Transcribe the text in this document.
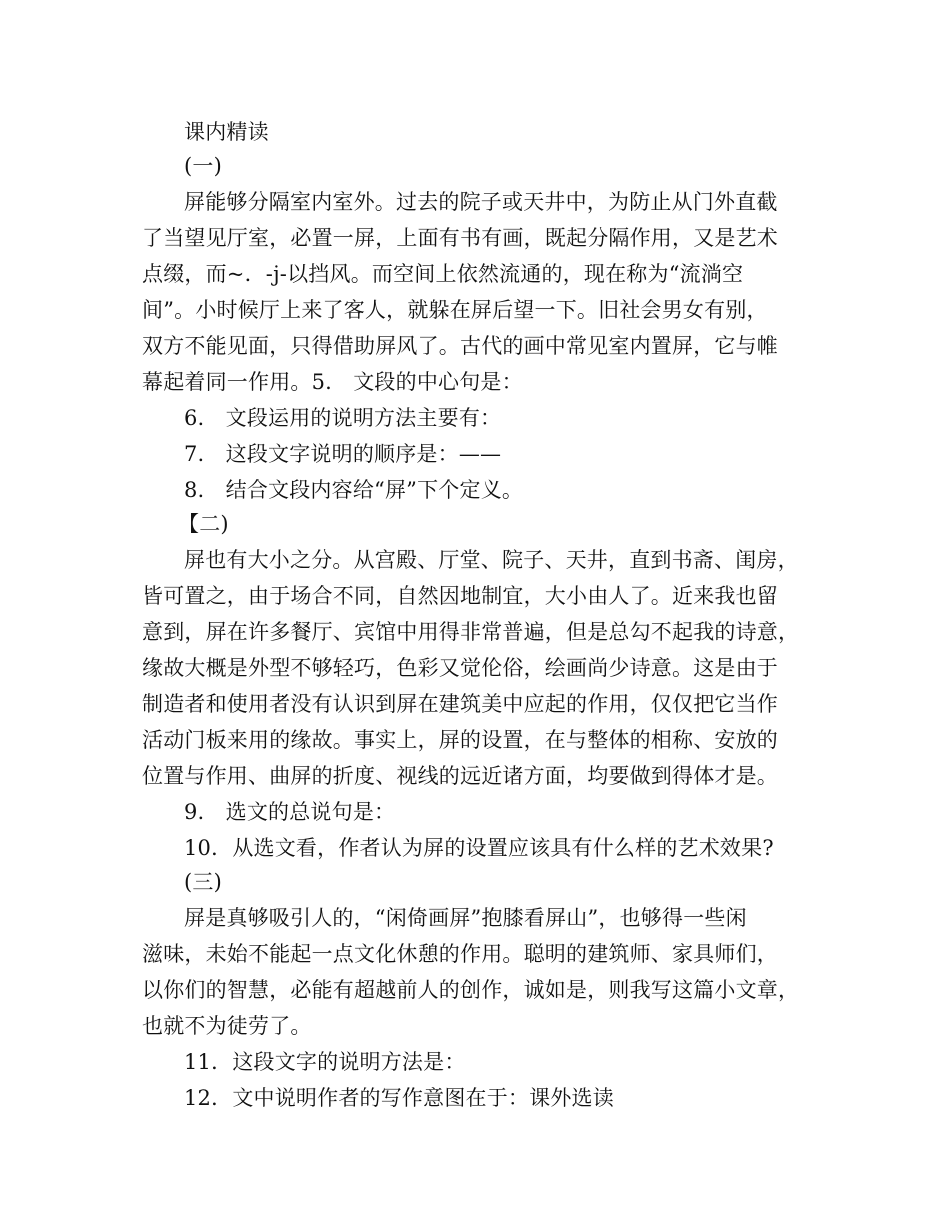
课内精读
(一)
屏能够分隔室内室外。过去的院子或天井中，为防止从门外直截
了当望见厅室，必置一屏，上面有书有画，既起分隔作用，又是艺术
点缀，而~．-j-以挡风。而空间上依然流通的，现在称为“流淌空
间”。小时候厅上来了客人，就躲在屏后望一下。旧社会男女有别，
双方不能见面，只得借助屏风了。古代的画中常见室内置屏，它与帷
幕起着同一作用。5.　文段的中心句是：
6.　文段运用的说明方法主要有：
7.　这段文字说明的顺序是：——
8.　结合文段内容给“屏”下个定义。
【二)
屏也有大小之分。从宫殿、厅堂、院子、天井，直到书斋、闺房，
皆可置之，由于场合不同，自然因地制宜，大小由人了。近来我也留
意到，屏在许多餐厅、宾馆中用得非常普遍，但是总勾不起我的诗意，
缘故大概是外型不够轻巧，色彩又觉伦俗，绘画尚少诗意。这是由于
制造者和使用者没有认识到屏在建筑美中应起的作用，仅仅把它当作
活动门板来用的缘故。事实上，屏的设置，在与整体的相称、安放的
位置与作用、曲屏的折度、视线的远近诸方面，均要做到得体才是。
9.　选文的总说句是：
10．从选文看，作者认为屏的设置应该具有什么样的艺术效果?
(三)
屏是真够吸引人的，“闲倚画屏”抱膝看屏山”，也够得一些闲
滋味，未始不能起一点文化休憩的作用。聪明的建筑师、家具师们，
以你们的智慧，必能有超越前人的创作，诚如是，则我写这篇小文章，
也就不为徒劳了。
11．这段文字的说明方法是：
12．文中说明作者的写作意图在于：课外选读
